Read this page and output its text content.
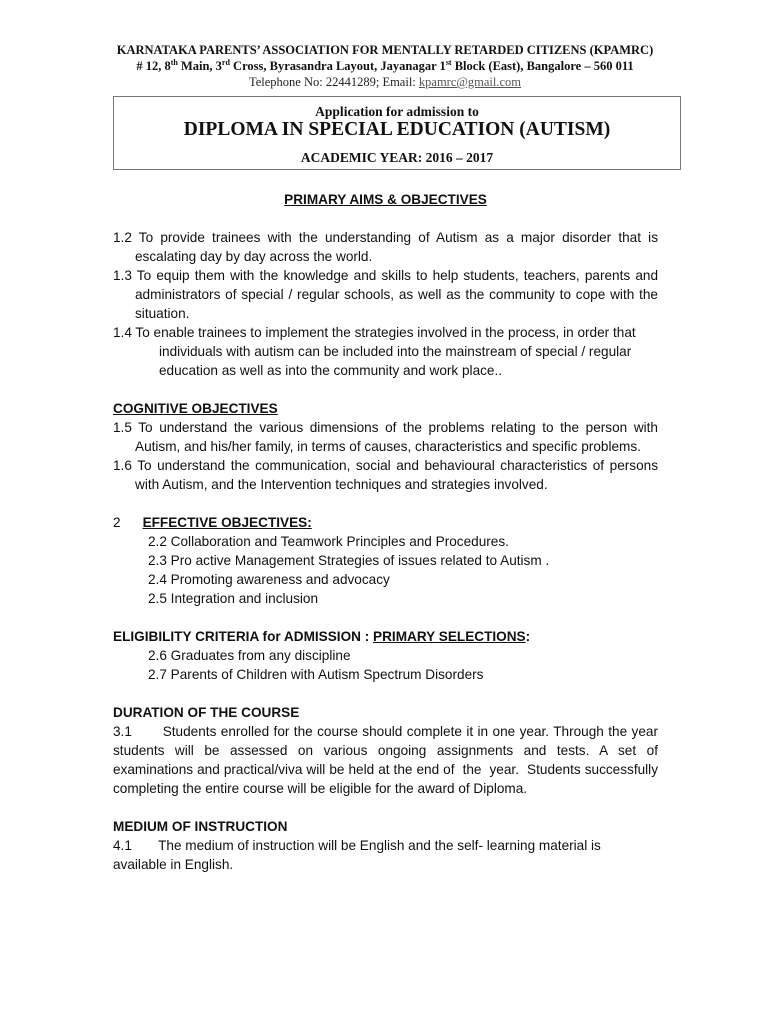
KARNATAKA PARENTS’ ASSOCIATION FOR MENTALLY RETARDED CITIZENS (KPAMRC)
# 12, 8th Main, 3rd Cross, Byrasandra Layout, Jayanagar 1st Block (East), Bangalore – 560 011
Telephone No: 22441289; Email: kpamrc@gmail.com
Application for admission to
DIPLOMA IN SPECIAL EDUCATION (AUTISM)
ACADEMIC YEAR: 2016 – 2017
PRIMARY AIMS & OBJECTIVES

1.2 To provide trainees with the understanding of Autism as a major disorder that is escalating day by day across the world.

1.3 To equip them with the knowledge and skills to help students, teachers, parents and administrators of special / regular schools, as well as the community to cope with the situation.

1.4 To enable trainees to implement the strategies involved in the process, in order that individuals with autism can be included into the mainstream of special / regular education as well as into the community and work place..

COGNITIVE OBJECTIVES

1.5 To understand the various dimensions of the problems relating to the person with Autism, and his/her family, in terms of causes, characteristics and specific problems.

1.6 To understand the communication, social and behavioural characteristics of persons with Autism, and the Intervention techniques and strategies involved.

2 EFFECTIVE OBJECTIVES:

2.2 Collaboration and Teamwork Principles and Procedures.

2.3 Pro active Management Strategies of issues related to Autism .

2.4 Promoting awareness and advocacy

2.5 Integration and inclusion

ELIGIBILITY CRITERIA for ADMISSION : PRIMARY SELECTIONS:

2.6 Graduates from any discipline

2.7 Parents of Children with Autism Spectrum Disorders

DURATION OF THE COURSE

3.1       Students enrolled for the course should complete it in one year. Through the year students will be assessed on various ongoing assignments and tests. A set of examinations and practical/viva will be held at the end of  the  year.  Students successfully completing the entire course will be eligible for the award of Diploma.

MEDIUM OF INSTRUCTION

4.1       The medium of instruction will be English and the self- learning material is available in English.
